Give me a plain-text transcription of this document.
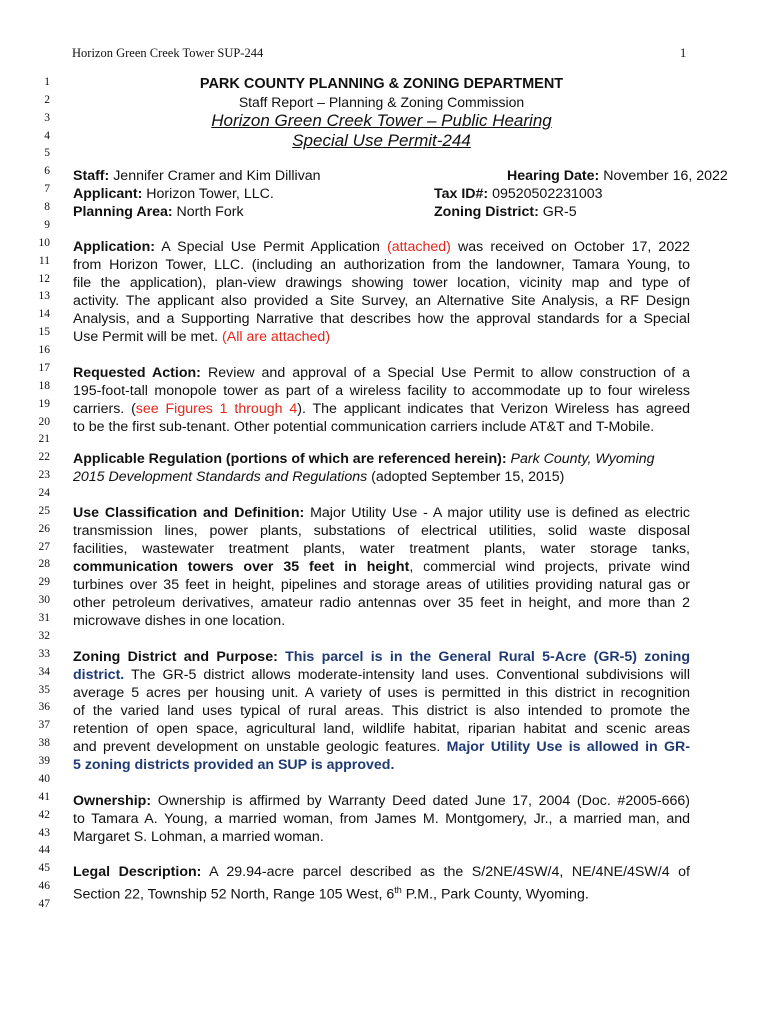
Horizon Green Creek Tower SUP-244	1
1
2
3
4
5
6
7
8
9
10
11
12
13
14
15
16
17
18
19
20
21
22
23
24
25
26
27
28
29
30
31
32
33
34
35
36
37
38
39
40
41
42
43
44
45
46
47
PARK COUNTY PLANNING & ZONING DEPARTMENT
Staff Report – Planning & Zoning Commission
Horizon Green Creek Tower – Public Hearing
Special Use Permit-244
Staff: Jennifer Cramer and Kim Dillivan	Hearing Date: November 16, 2022
Applicant: Horizon Tower, LLC.	Tax ID#: 09520502231003
Planning Area: North Fork	Zoning District: GR-5
Application: A Special Use Permit Application (attached) was received on October 17, 2022
from Horizon Tower, LLC. (including an authorization from the landowner, Tamara Young, to
file the application), plan-view drawings showing tower location, vicinity map and type of
activity. The applicant also provided a Site Survey, an Alternative Site Analysis, a RF Design
Analysis, and a Supporting Narrative that describes how the approval standards for a Special
Use Permit will be met. (All are attached)
Requested Action: Review and approval of a Special Use Permit to allow construction of a
195-foot-tall monopole tower as part of a wireless facility to accommodate up to four wireless
carriers. (see Figures 1 through 4). The applicant indicates that Verizon Wireless has agreed
to be the first sub-tenant. Other potential communication carriers include AT&T and T-Mobile.
Applicable Regulation (portions of which are referenced herein): Park County, Wyoming
2015 Development Standards and Regulations (adopted September 15, 2015)
Use Classification and Definition: Major Utility Use - A major utility use is defined as electric
transmission lines, power plants, substations of electrical utilities, solid waste disposal
facilities, wastewater treatment plants, water treatment plants, water storage tanks,
communication towers over 35 feet in height, commercial wind projects, private wind
turbines over 35 feet in height, pipelines and storage areas of utilities providing natural gas or
other petroleum derivatives, amateur radio antennas over 35 feet in height, and more than 2
microwave dishes in one location.
Zoning District and Purpose: This parcel is in the General Rural 5-Acre (GR-5) zoning
district. The GR-5 district allows moderate-intensity land uses. Conventional subdivisions will
average 5 acres per housing unit. A variety of uses is permitted in this district in recognition
of the varied land uses typical of rural areas. This district is also intended to promote the
retention of open space, agricultural land, wildlife habitat, riparian habitat and scenic areas
and prevent development on unstable geologic features. Major Utility Use is allowed in GR-
5 zoning districts provided an SUP is approved.
Ownership: Ownership is affirmed by Warranty Deed dated June 17, 2004 (Doc. #2005-666)
to Tamara A. Young, a married woman, from James M. Montgomery, Jr., a married man, and
Margaret S. Lohman, a married woman.
Legal Description: A 29.94-acre parcel described as the S/2NE/4SW/4, NE/4NE/4SW/4 of
Section 22, Township 52 North, Range 105 West, 6th P.M., Park County, Wyoming.
